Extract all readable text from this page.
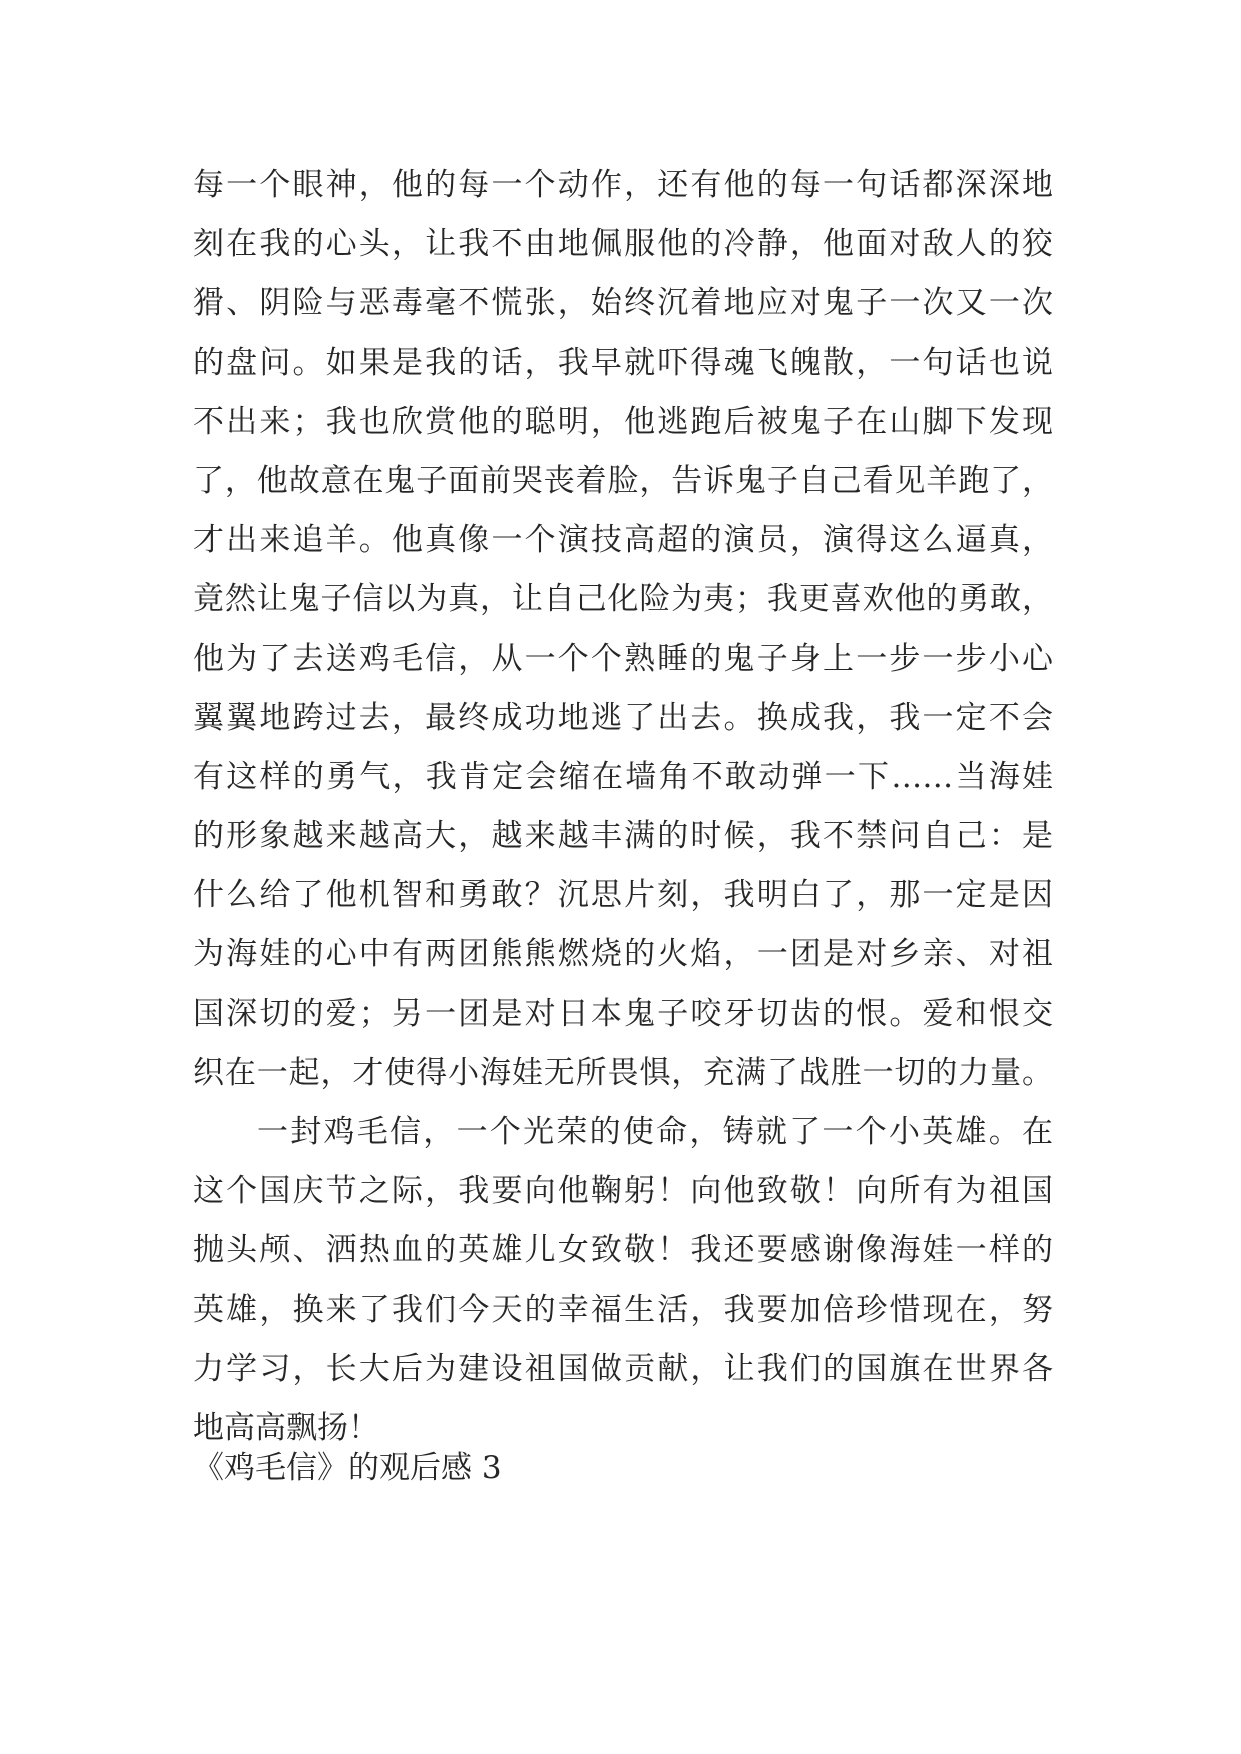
每一个眼神，他的每一个动作，还有他的每一句话都深深地
刻在我的心头，让我不由地佩服他的冷静，他面对敌人的狡
猾、阴险与恶毒毫不慌张，始终沉着地应对鬼子一次又一次
的盘问。如果是我的话，我早就吓得魂飞魄散，一句话也说
不出来；我也欣赏他的聪明，他逃跑后被鬼子在山脚下发现
了，他故意在鬼子面前哭丧着脸，告诉鬼子自己看见羊跑了，
才出来追羊。他真像一个演技高超的演员，演得这么逼真，
竟然让鬼子信以为真，让自己化险为夷；我更喜欢他的勇敢，
他为了去送鸡毛信，从一个个熟睡的鬼子身上一步一步小心
翼翼地跨过去，最终成功地逃了出去。换成我，我一定不会
有这样的勇气，我肯定会缩在墙角不敢动弹一下……当海娃
的形象越来越高大，越来越丰满的时候，我不禁问自己：是
什么给了他机智和勇敢？沉思片刻，我明白了，那一定是因
为海娃的心中有两团熊熊燃烧的火焰，一团是对乡亲、对祖
国深切的爱；另一团是对日本鬼子咬牙切齿的恨。爱和恨交
织在一起，才使得小海娃无所畏惧，充满了战胜一切的力量。
一封鸡毛信，一个光荣的使命，铸就了一个小英雄。在
这个国庆节之际，我要向他鞠躬！向他致敬！向所有为祖国
抛头颅、洒热血的英雄儿女致敬！我还要感谢像海娃一样的
英雄，换来了我们今天的幸福生活，我要加倍珍惜现在，努
力学习，长大后为建设祖国做贡献，让我们的国旗在世界各
地高高飘扬！
《鸡毛信》的观后感 3
